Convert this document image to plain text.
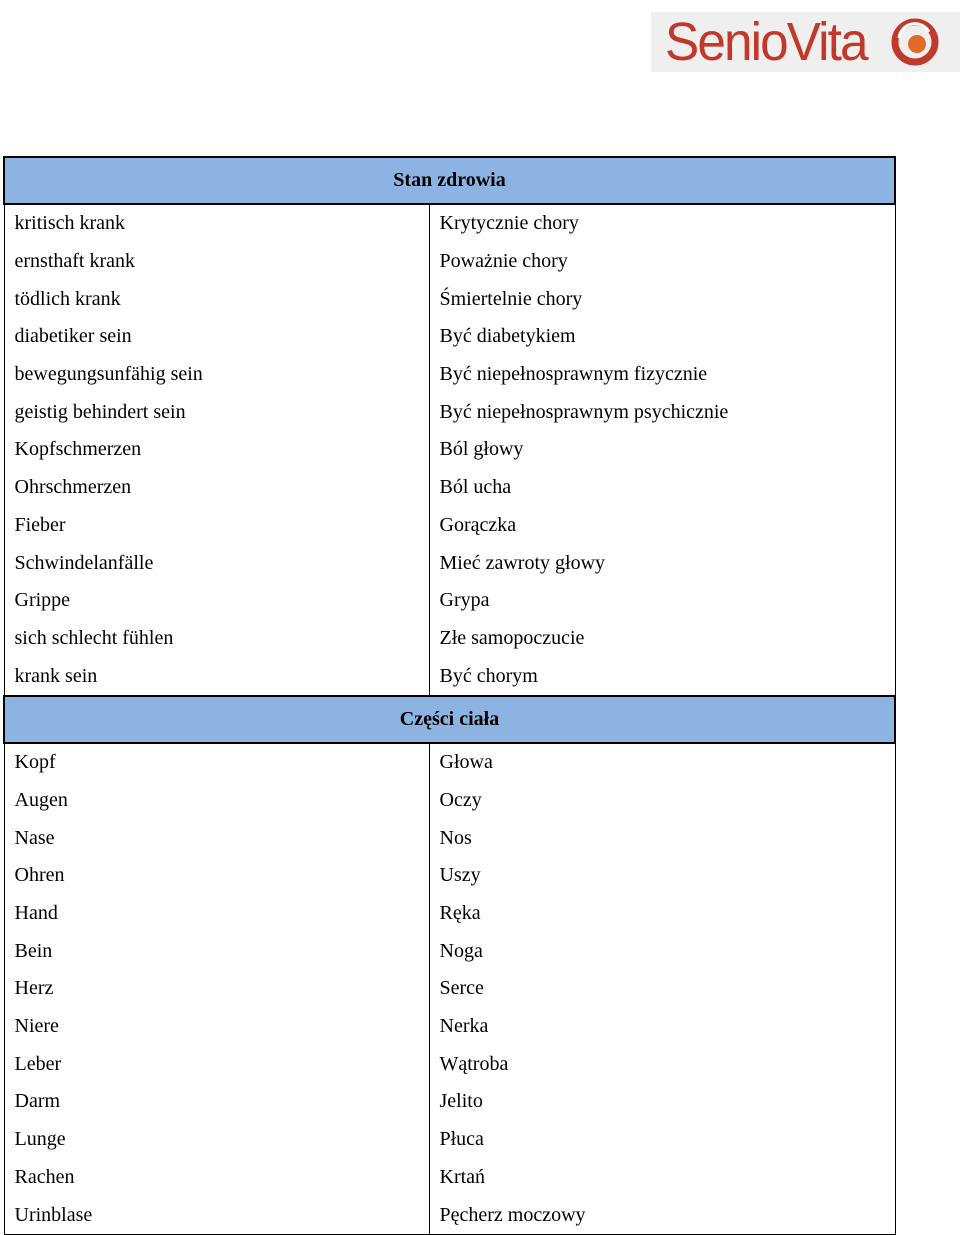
SenioVita
Stan zdrowia	
kritisch krank	Krytycznie chory
ernsthaft krank	Poważnie chory
tödlich krank	Śmiertelnie chory
diabetiker sein	Być diabetykiem
bewegungsunfähig sein	Być niepełnosprawnym fizycznie
geistig behindert sein	Być niepełnosprawnym psychicznie
Kopfschmerzen	Ból głowy
Ohrschmerzen	Ból ucha
Fieber	Gorączka
Schwindelanfälle	Mieć zawroty głowy
Grippe	Grypa
sich schlecht fühlen	Złe samopoczucie
krank sein	Być chorym
Części ciała	
Kopf	Głowa
Augen	Oczy
Nase	Nos
Ohren	Uszy
Hand	Ręka
Bein	Noga
Herz	Serce
Niere	Nerka
Leber	Wątroba
Darm	Jelito
Lunge	Płuca
Rachen	Krtań
Urinblase	Pęcherz moczowy
